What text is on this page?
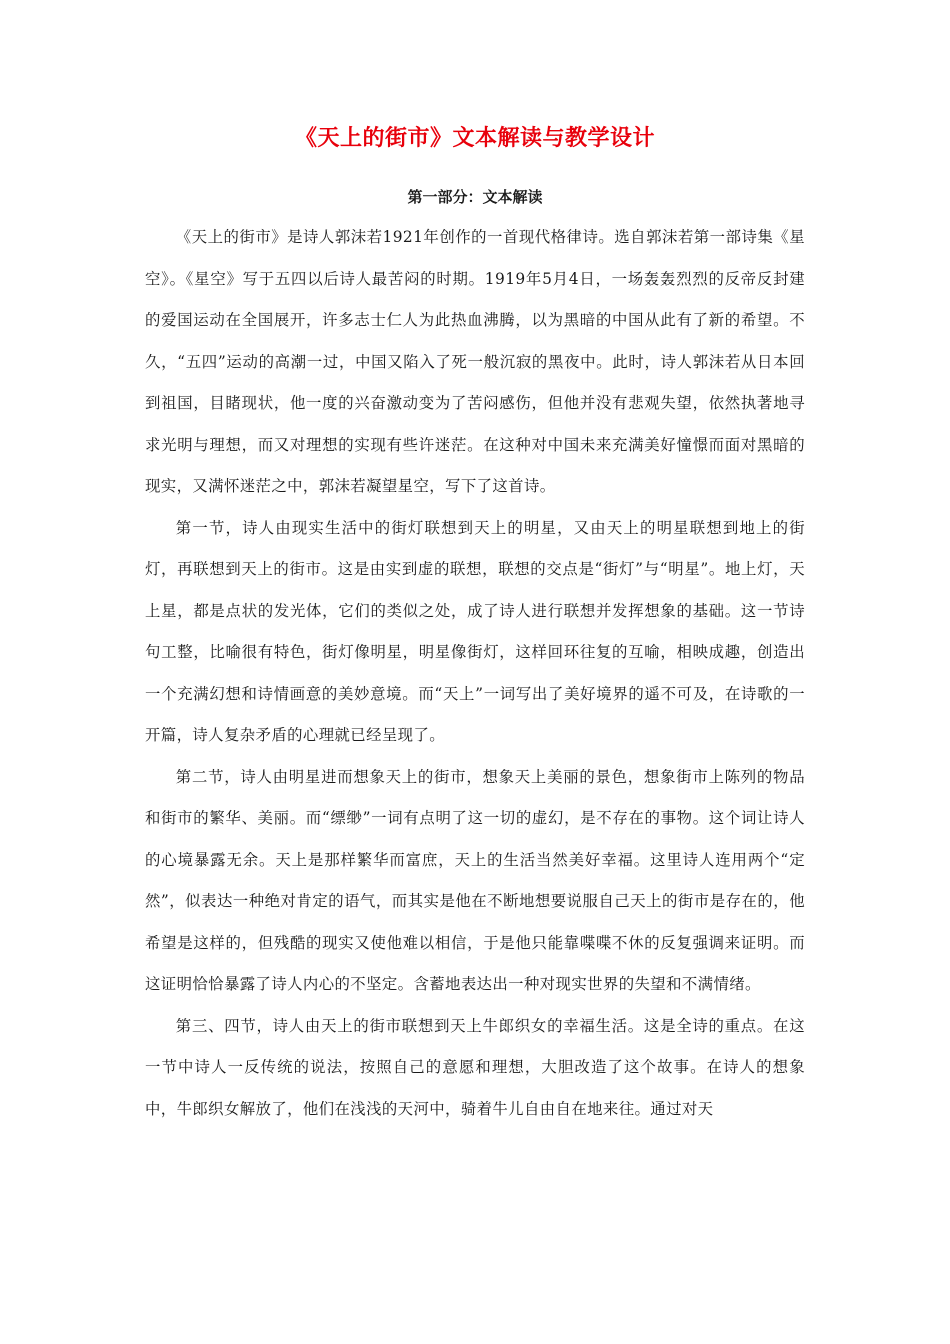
《天上的街市》文本解读与教学设计
第一部分：文本解读

《天上的街市》是诗人郭沫若1921年创作的一首现代格律诗。选自郭沫若第一部诗集《星空》。《星空》写于五四以后诗人最苦闷的时期。1919年5月4日，一场轰轰烈烈的反帝反封建的爱国运动在全国展开，许多志士仁人为此热血沸腾，以为黑暗的中国从此有了新的希望。不久，“五四”运动的高潮一过，中国又陷入了死一般沉寂的黑夜中。此时，诗人郭沫若从日本回到祖国，目睹现状，他一度的兴奋激动变为了苦闷感伤，但他并没有悲观失望，依然执著地寻求光明与理想，而又对理想的实现有些许迷茫。在这种对中国未来充满美好憧憬而面对黑暗的现实，又满怀迷茫之中，郭沫若凝望星空，写下了这首诗。

第一节，诗人由现实生活中的街灯联想到天上的明星，又由天上的明星联想到地上的街灯，再联想到天上的街市。这是由实到虚的联想，联想的交点是“街灯”与“明星”。地上灯，天上星，都是点状的发光体，它们的类似之处，成了诗人进行联想并发挥想象的基础。这一节诗句工整，比喻很有特色，街灯像明星，明星像街灯，这样回环往复的互喻，相映成趣，创造出一个充满幻想和诗情画意的美妙意境。而“天上”一词写出了美好境界的遥不可及，在诗歌的一开篇，诗人复杂矛盾的心理就已经呈现了。

第二节，诗人由明星进而想象天上的街市，想象天上美丽的景色，想象街市上陈列的物品和街市的繁华、美丽。而“缥缈”一词有点明了这一切的虚幻，是不存在的事物。这个词让诗人的心境暴露无余。天上是那样繁华而富庶，天上的生活当然美好幸福。这里诗人连用两个“定然”，似表达一种绝对肯定的语气，而其实是他在不断地想要说服自己天上的街市是存在的，他希望是这样的，但残酷的现实又使他难以相信，于是他只能靠喋喋不休的反复强调来证明。而这证明恰恰暴露了诗人内心的不坚定。含蓄地表达出一种对现实世界的失望和不满情绪。

第三、四节，诗人由天上的街市联想到天上牛郎织女的幸福生活。这是全诗的重点。在这一节中诗人一反传统的说法，按照自己的意愿和理想，大胆改造了这个故事。在诗人的想象中，牛郎织女解放了，他们在浅浅的天河中，骑着牛儿自由自在地来往。通过对天
